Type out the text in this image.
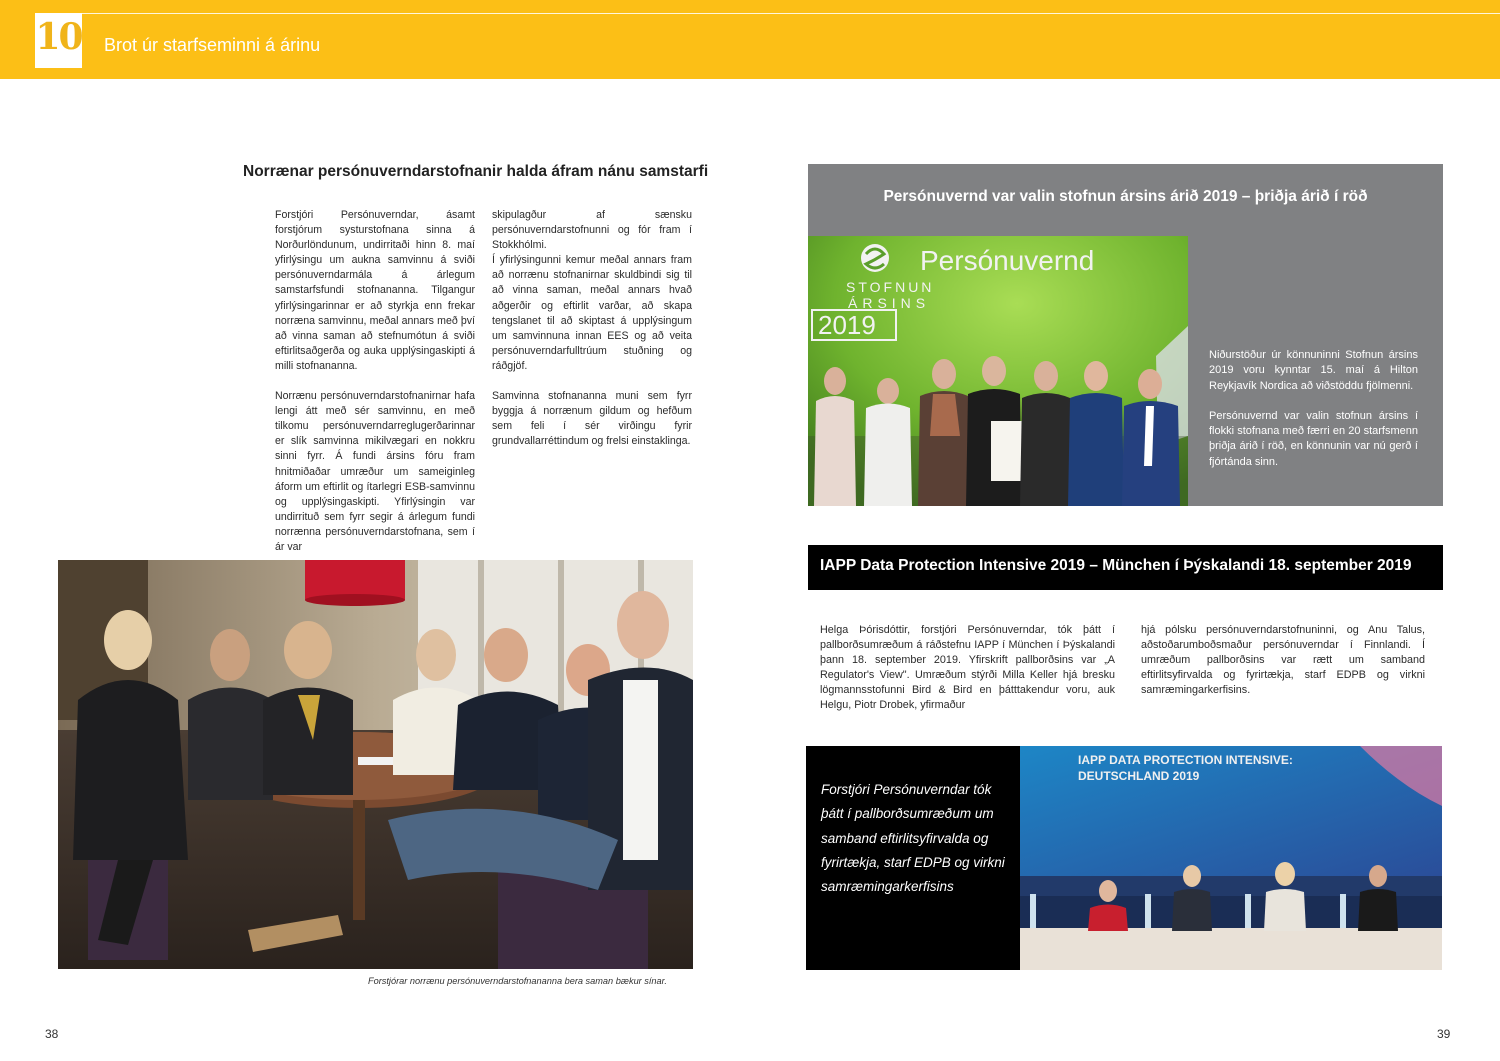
10 Brot úr starfseminni á árinu
Norrænar persónuverndarstofnanir halda áfram nánu samstarfi

Forstjóri Persónuverndar, ásamt forstjórum systurstofnana sinna á Norðurlöndunum, undirritaði hinn 8. maí yfirlýsingu um aukna samvinnu á sviði persónuverndarmála á árlegum samstarfsfundi stofnananna. Tilgangur yfirlýsingarinnar er að styrkja enn frekar norræna samvinnu, meðal annars með því að vinna saman að stefnumótun á sviði eftirlitsaðgerða og auka upplýsingaskipti á milli stofnananna.

Norrænu persónuverndarstofnanirnar hafa lengi átt með sér samvinnu, en með tilkomu persónuverndarreglugerðarinnar er slík samvinna mikilvægari en nokkru sinni fyrr. Á fundi ársins fóru fram hnitmiðaðar umræður um sameiginleg áform um eftirlit og ítarlegri ESB-samvinnu og upplýsingaskipti. Yfirlýsingin var undirrituð sem fyrr segir á árlegum fundi norrænna persónuverndarstofnana, sem í ár var

skipulagður af sænsku persónuverndarstofnunni og fór fram í Stokkhólmi.

Í yfirlýsingunni kemur meðal annars fram að norrænu stofnanirnar skuldbindi sig til að vinna saman, meðal annars hvað aðgerðir og eftirlit varðar, að skapa tengslanet til að skiptast á upplýsingum um samvinnuna innan EES og að veita persónuverndarfulltrúum stuðning og ráðgjöf.

Samvinna stofnananna muni sem fyrr byggja á norrænum gildum og hefðum sem feli í sér virðingu fyrir grundvallarréttindum og frelsi einstaklinga.

Forstjórar norrænu persónuverndarstofnananna bera saman bækur sínar.
Persónuvernd var valin stofnun ársins árið 2019 – þriðja árið í röð
STOFNUN
ÁRSINS
2019
Persónuvernd

Niðurstöður úr könnuninni Stofnun ársins 2019 voru kynntar 15. maí á Hilton Reykjavík Nordica að viðstöddu fjölmenni.

Persónuvernd var valin stofnun ársins í flokki stofnana með færri en 20 starfsmenn þriðja árið í röð, en könnunin var nú gerð í fjórtánda sinn.

IAPP Data Protection Intensive 2019 – München í Þýskalandi 18. september 2019

Helga Þórisdóttir, forstjóri Persónuverndar, tók þátt í pallborðsumræðum á ráðstefnu IAPP í München í Þýskalandi þann 18. september 2019. Yfirskrift pallborðsins var „A Regulator's View". Umræðum stýrði Milla Keller hjá bresku lögmannsstofunni Bird & Bird en þátttakendur voru, auk Helgu, Piotr Drobek, yfirmaður

hjá pólsku persónuverndarstofnuninni, og Anu Talus, aðstoðarumboðsmaður persónuverndar í Finnlandi. Í umræðum pallborðsins var rætt um samband eftirlitsyfirvalda og fyrirtækja, starf EDPB og virkni samræmingarkerfisins.

Forstjóri Persónuverndar tók þátt í pallborðsumræðum um samband eftirlitsyfirvalda og fyrirtækja, starf EDPB og virkni samræmingarkerfisins
IAPP DATA PROTECTION INTENSIVE:
DEUTSCHLAND 2019
38	39
